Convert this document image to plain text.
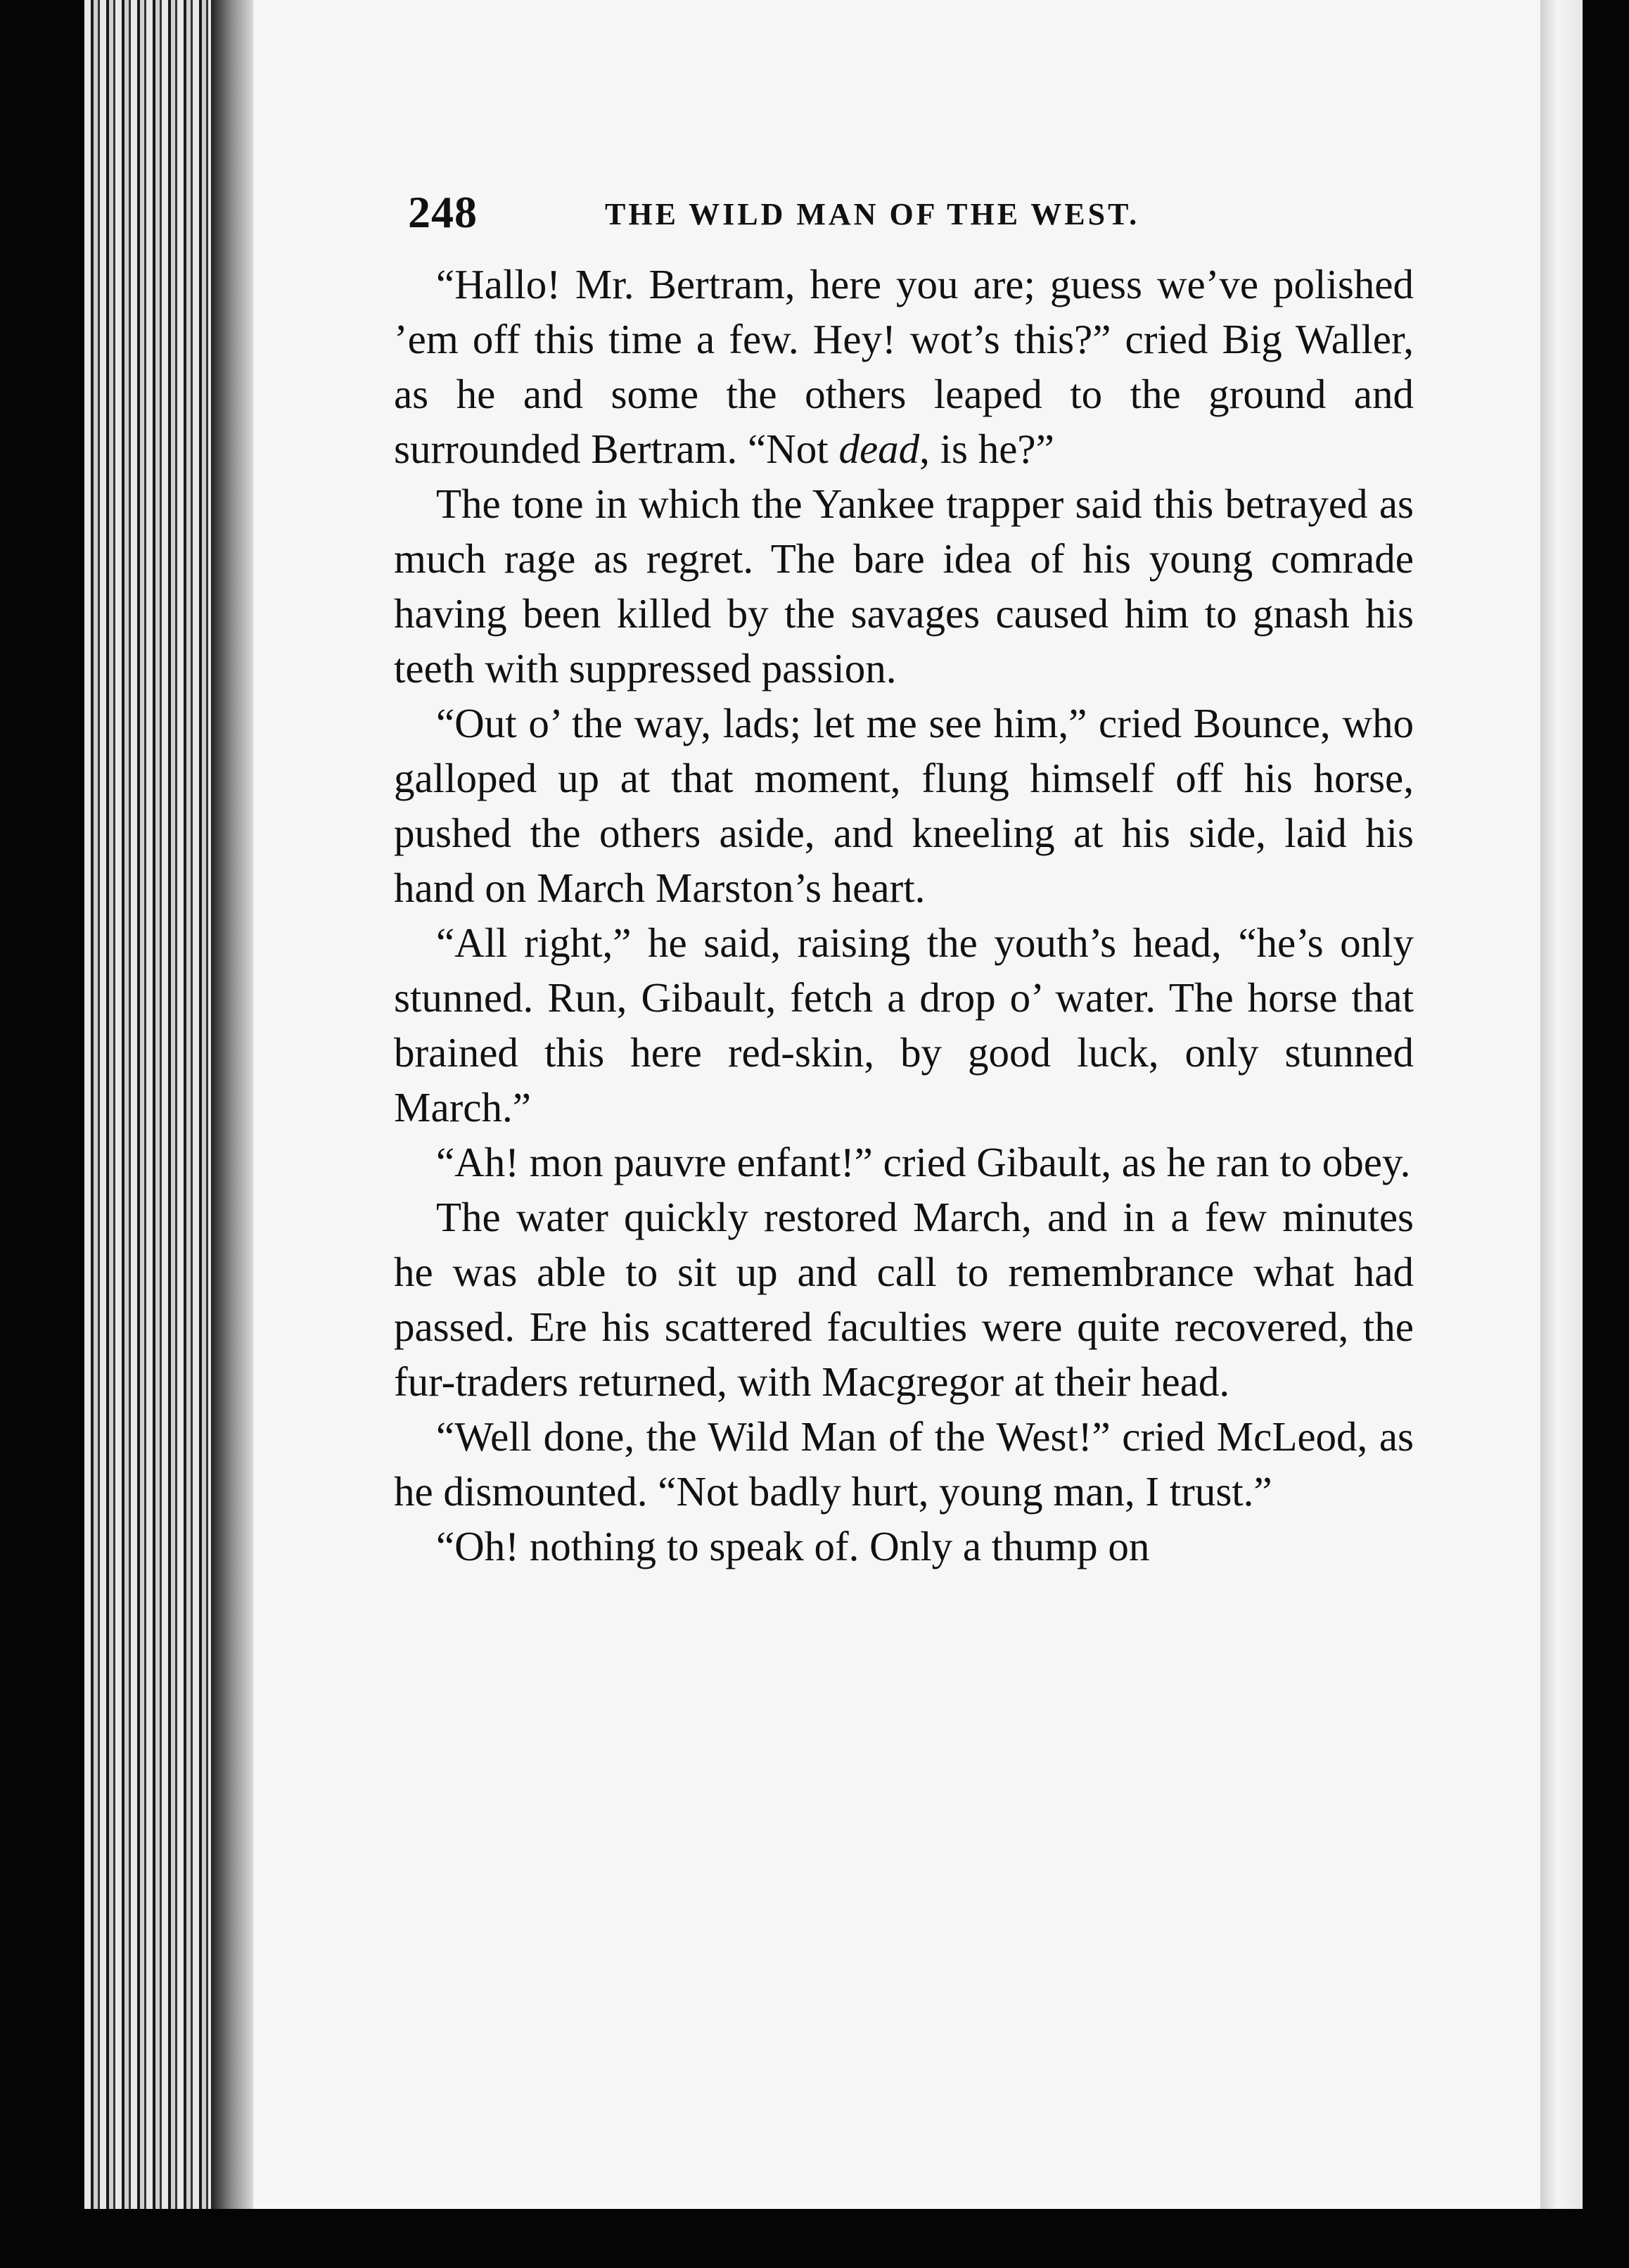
248	THE WILD MAN OF THE WEST.

“Hallo! Mr. Bertram, here you are; guess we’ve polished ’em off this time a few. Hey! wot’s this?” cried Big Waller, as he and some the others leaped to the ground and surrounded Bertram. “Not dead, is he?”

The tone in which the Yankee trapper said this betrayed as much rage as regret. The bare idea of his young comrade having been killed by the savages caused him to gnash his teeth with suppressed passion.

“Out o’ the way, lads; let me see him,” cried Bounce, who galloped up at that moment, flung himself off his horse, pushed the others aside, and kneeling at his side, laid his hand on March Marston’s heart.

“All right,” he said, raising the youth’s head, “he’s only stunned. Run, Gibault, fetch a drop o’ water. The horse that brained this here red-skin, by good luck, only stunned March.”

“Ah! mon pauvre enfant!” cried Gibault, as he ran to obey.

The water quickly restored March, and in a few minutes he was able to sit up and call to remembrance what had passed. Ere his scattered faculties were quite recovered, the fur-traders returned, with Macgregor at their head.

“Well done, the Wild Man of the West!” cried McLeod, as he dismounted. “Not badly hurt, young man, I trust.”

“Oh! nothing to speak of. Only a thump on
